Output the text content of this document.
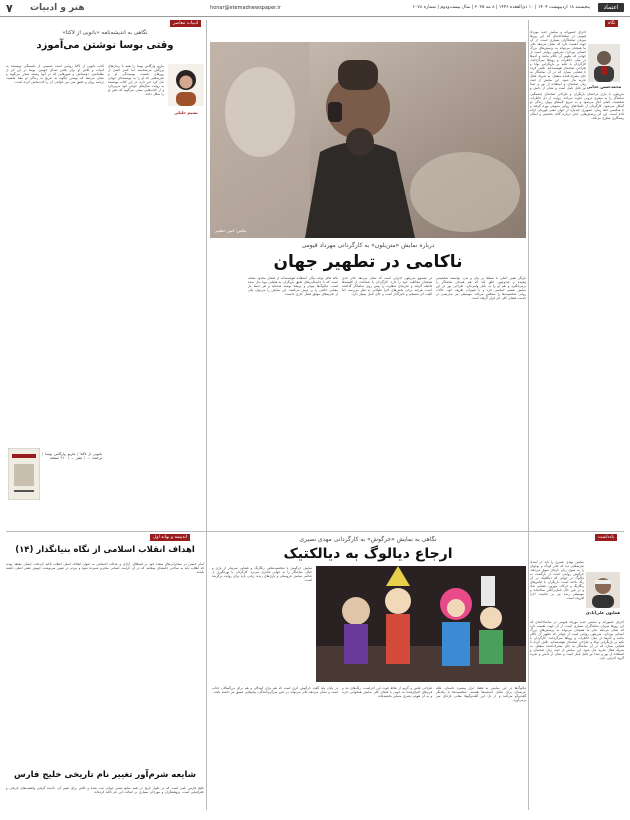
۷ هنر و ادبیات	honar@etemadnewspaper.ir	پنجشنبه ۱۸ اردیبهشت ۱۴۰۴ | ۱۰ ذی‌القعده ۱۴۴۶ | ۸ مه ۲۰۲۵ | سال بیست‌ودوم | شماره ۶۰۷۸	اعتماد
نگاه
محمدحسن خدایی
اجرای جسورانه و نمایش جدید مهرداد قیومی در تماشاخانه‌ای که این روزها میزبان تماشاگران بسیاری است، از آن جهت اهمیت دارد که نشان می‌دهد تئاتر ما همچنان می‌تواند به پرسش‌های بزرگ انسانی بپردازد. متن‌بلون روایتی است از جهانی که تطهیر آن ناکام مانده و آدم‌ها در میان خاطرات و رویاها سرگردانند. کارگردان با تکیه بر بازیگرانی توانا و طراحی صحنه‌ای هوشمندانه، تلاش کرده تا فضایی بسازد که در آن تماشاگر به جای مصرف‌کننده منفعل، به شریک فعال تجربه بدل شود. این نمایش از حیث زبان صحنه‌ای و استفاده از نور و صدا نیز قابل تامل است و نشان از دانش و
متن‌بلون با بازی درخشان بازیگران و طراحی صحنه‌ای چشمگیر، تماشاگر را به سفری درونی دعوت می‌کند. روایت از دل خاطرات شخصیت اصلی آغاز می‌شود و به تدریج لایه‌های پنهان زندگی او آشکار می‌شود. کارگردان از تکنیک‌های روایی متنوعی بهره گرفته و با شکستن خط زمان، تصویری چندپاره از جهان ذهنی قهرمان ارائه داده است. این اثر پرسش‌هایی جدی درباره گناه، بخشش و امکان رستگاری مطرح می‌کند.
عکس: امین خطیبی
درباره نمایش «متن‌بلون» به کارگردانی مهرداد قیومی
ناکامی در تطهیر جهان
بازیگر نقش اصلی با تسلط بر بیان و بدن، توانسته شخصیتی پیچیده و چندوجهی خلق کند که هم همدلی تماشاگر را برمی‌انگیزد و هم او را به تامل وامی‌دارد. طراحی نور در این نمایش نقشی اساسی دارد و با تغییرات ظریف خود، حالات روانی شخصیت‌ها را منعکس می‌کند. موسیقی نیز به‌درستی در خدمت فضای کلی اثر قرار گرفته است.
در مجموع متن‌بلون اجرایی است که نشان می‌دهد تئاتر جدی همچنان مخاطب خود را دارد. کارگردان با شجاعت از کلیشه‌ها فاصله گرفته و تجربه‌ای متفاوت را پیش روی تماشاگر گذاشته است. هرچند برخی بخش‌های اجرا طولانی به نظر می‌رسد، اما کلیت اثر منسجم و تاثیرگذار است و جای تامل بسیار دارد.
نکته قابل توجه دیگر، استفاده هوشمندانه از فضای محدود صحنه است که با جابه‌جایی‌های دقیق بازیگران به فضایی پویا بدل شده است. دیالوگ‌ها موجز و پرمعنا نوشته شده‌اند و هر جمله بار معنایی خاصی را بر دوش می‌کشد. این نمایش را می‌توان یکی از تجربه‌های موفق فصل جاری دانست.
ادبیات معاصر
نگاهی به اندیشه‌نامه «بانویی از لاکتا»
وقتی بوسا نوشتن می‌آموزد
نسیم خلیلی
ماریو وارگاس یوسا را همه با رمان‌های بزرگش می‌شناسند اما کمتر کسی از روزهای نخست نویسندگی او و تجربه‌هایی که او را به نویسنده‌ای جهانی بدل کرد خبر دارد. در این کتاب نویسنده به روایت سال‌های جوانی خود می‌پردازد و از کتاب‌هایی سخن می‌گوید که ذهن او را شکل دادند.
کتاب بانویی از لاکتا روایتی است صمیمی از دلبستگی نویسنده به ادبیات و تلاش او برای یافتن صدای خویش. یوسا در این اثر از معلمانش، دوستانش و شهرهایی که در آنها زیسته سخن می‌گوید و نشان می‌دهد که نوشتن چگونه به تدریج به زندگی او معنا بخشید. ترجمه روان و دقیق متن نیز خواندن آن را لذت‌بخش کرده است.
بانویی از لاکتا / ماریو وارگاس یوسا / ترجمه: ... / نشر ... / ۲۱۰ صفحه
اندیشه و بهانه اول
اهداف انقلاب اسلامی از نگاه بنیانگذار (۱۴)
امام خمینی در سخنرانی‌های متعدد خود بر استقلال، آزادی و عدالت اجتماعی به عنوان اهداف اصلی انقلاب تاکید کرده‌اند. ایشان معتقد بودند که انقلاب باید به ساختن جامعه‌ای بینجامد که در آن کرامت انسانی محترم شمرده شود و مردم در تعیین سرنوشت خویش نقش اصلی داشته باشند.
شایعه شرم‌آور تغییر نام تاریخی خلیج فارس
خلیج فارس نامی است که در طول تاریخ در همه منابع معتبر جهانی ثبت شده و تلاش برای تغییر آن، نادیده گرفتن واقعیت‌های تاریخی و جغرافیایی است. پژوهشگران و مورخان بسیاری بر اصالت این نام تاکید کرده‌اند.
یادداشت
نگاهی به نمایش «خرگوش» به کارگردانی مهدی نصیری
ارجاع دیالوگ به دیالکتیک
نمایش خرگوش با شخصیت‌هایی رنگارنگ و فضایی سرشار از بازی و خیال، تماشاگر را به جهانی فانتزی می‌برد. کارگردان با بهره‌گیری از عناصر نمایش عروسکی و بازی‌های زنده، زبانی تازه برای روایت برگزیده است.
دیالوگ‌ها در این نمایش نه فقط ابزار پیشبرد داستان، بلکه عرصه‌ای برای تقابل اندیشه‌ها هستند. شخصیت‌ها با یکدیگر گفت‌وگو می‌کنند و از دل این گفت‌وگوها معانی تازه‌ای سر برمی‌آورد.
طراحی لباس و گریم از نقاط قوت این اجراست. رنگ‌های تند و فرم‌های اغراق‌شده به خوبی با فضای کلی نمایش همخوانی دارند و به آن هویتی بصری متمایز بخشیده‌اند.
در پایان باید گفت خرگوش اثری است که هم برای کودکان و هم برای بزرگسالان جذاب است و نشان می‌دهد تئاتر می‌تواند در عین سرگرم‌کنندگی، پیام‌هایی عمیق نیز داشته باشد.
همایون علی‌آبادی
نمایش مهدی نصیری را باید در امتداد تجربه‌هایی دید که تئاتر کودک و نوجوان را به سوی زبان تازه‌ای سوق می‌دهد. خرگوش روایتی است از بازگشت به دیالوگ در جهانی که دیالکتیک در آن رنگ باخته است. بازیگران با لباس‌های رنگارنگ و حرکات موزون، فضایی شاد و در عین حال تامل‌برانگیز ساخته‌اند و موسیقی زنده نیز بر جذابیت اجرا افزوده است.
اجرای جسورانه و نمایش جدید مهرداد قیومی در تماشاخانه‌ای که این روزها میزبان تماشاگران بسیاری است، از آن جهت اهمیت دارد که نشان می‌دهد تئاتر ما همچنان می‌تواند به پرسش‌های بزرگ انسانی بپردازد. متن‌بلون روایتی است از جهانی که تطهیر آن ناکام مانده و آدم‌ها در میان خاطرات و رویاها سرگردانند. کارگردان با تکیه بر بازیگرانی توانا و طراحی صحنه‌ای هوشمندانه، تلاش کرده تا فضایی بسازد که در آن تماشاگر به جای مصرف‌کننده منفعل، به شریک فعال تجربه بدل شود. این نمایش از حیث زبان صحنه‌ای و استفاده از نور و صدا نیز قابل تامل است و نشان از دانش و تجربه گروه اجرایی دارد.
